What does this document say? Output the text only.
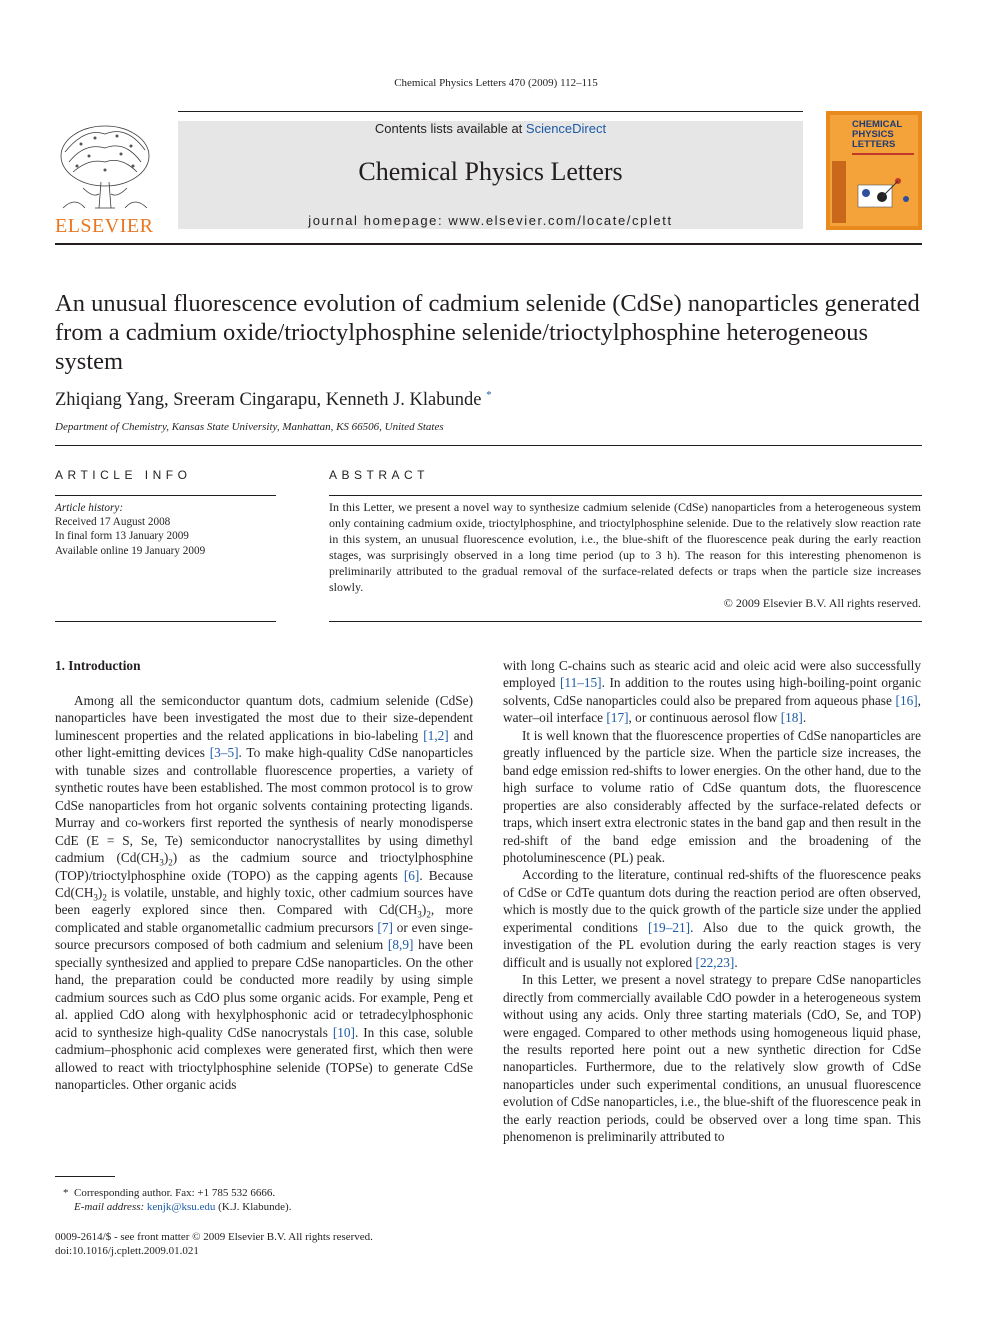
Chemical Physics Letters 470 (2009) 112–115
ELSEVIER
Contents lists available at ScienceDirect
Chemical Physics Letters
journal homepage: www.elsevier.com/locate/cplett
CHEMICAL
PHYSICS
LETTERS
An unusual fluorescence evolution of cadmium selenide (CdSe) nanoparticles generated from a cadmium oxide/trioctylphosphine selenide/trioctylphosphine heterogeneous system
Zhiqiang Yang, Sreeram Cingarapu, Kenneth J. Klabunde *
Department of Chemistry, Kansas State University, Manhattan, KS 66506, United States
ARTICLE INFO
Article history:
Received 17 August 2008
In final form 13 January 2009
Available online 19 January 2009
ABSTRACT
In this Letter, we present a novel way to synthesize cadmium selenide (CdSe) nanoparticles from a heterogeneous system only containing cadmium oxide, trioctylphosphine, and trioctylphosphine selenide. Due to the relatively slow reaction rate in this system, an unusual fluorescence evolution, i.e., the blue-shift of the fluorescence peak during the early reaction stages, was surprisingly observed in a long time period (up to 3 h). The reason for this interesting phenomenon is preliminarily attributed to the gradual removal of the surface-related defects or traps when the particle size increases slowly.
© 2009 Elsevier B.V. All rights reserved.
1. Introduction

Among all the semiconductor quantum dots, cadmium selenide (CdSe) nanoparticles have been investigated the most due to their size-dependent luminescent properties and the related applications in bio-labeling [1,2] and other light-emitting devices [3–5]. To make high-quality CdSe nanoparticles with tunable sizes and controllable fluorescence properties, a variety of synthetic routes have been established. The most common protocol is to grow CdSe nanoparticles from hot organic solvents containing protecting ligands. Murray and co-workers first reported the synthesis of nearly monodisperse CdE (E = S, Se, Te) semiconductor nanocrystallites by using dimethyl cadmium $(Cd(CH_3)_2)$ as the cadmium source and trioctylphosphine (TOP)/trioctylphosphine oxide (TOPO) as the capping agents [6]. Because $Cd(CH_3)_2$ is volatile, unstable, and highly toxic, other cadmium sources have been eagerly explored since then. Compared with $Cd(CH_3)_2$, more complicated and stable organometallic cadmium precursors [7] or even singe-source precursors composed of both cadmium and selenium [8,9] have been specially synthesized and applied to prepare CdSe nanoparticles. On the other hand, the preparation could be conducted more readily by using simple cadmium sources such as CdO plus some organic acids. For example, Peng et al. applied CdO along with hexylphosphonic acid or tetradecylphosphonic acid to synthesize high-quality CdSe nanocrystals [10]. In this case, soluble cadmium–phosphonic acid complexes were generated first, which then were allowed to react with trioctylphosphine selenide (TOPSe) to generate CdSe nanoparticles. Other organic acids

with long C-chains such as stearic acid and oleic acid were also successfully employed [11–15]. In addition to the routes using high-boiling-point organic solvents, CdSe nanoparticles could also be prepared from aqueous phase [16], water–oil interface [17], or continuous aerosol flow [18].

It is well known that the fluorescence properties of CdSe nanoparticles are greatly influenced by the particle size. When the particle size increases, the band edge emission red-shifts to lower energies. On the other hand, due to the high surface to volume ratio of CdSe quantum dots, the fluorescence properties are also considerably affected by the surface-related defects or traps, which insert extra electronic states in the band gap and then result in the red-shift of the band edge emission and the broadening of the photoluminescence (PL) peak.

According to the literature, continual red-shifts of the fluorescence peaks of CdSe or CdTe quantum dots during the reaction period are often observed, which is mostly due to the quick growth of the particle size under the applied experimental conditions [19–21]. Also due to the quick growth, the investigation of the PL evolution during the early reaction stages is very difficult and is usually not explored [22,23].

In this Letter, we present a novel strategy to prepare CdSe nanoparticles directly from commercially available CdO powder in a heterogeneous system without using any acids. Only three starting materials (CdO, Se, and TOP) were engaged. Compared to other methods using homogeneous liquid phase, the results reported here point out a new synthetic direction for CdSe nanoparticles. Furthermore, due to the relatively slow growth of CdSe nanoparticles under such experimental conditions, an unusual fluorescence evolution of CdSe nanoparticles, i.e., the blue-shift of the fluorescence peak in the early reaction periods, could be observed over a long time span. This phenomenon is preliminarily attributed to

* Corresponding author. Fax: +1 785 532 6666.
E-mail address: kenjk@ksu.edu (K.J. Klabunde).
0009-2614/$ - see front matter © 2009 Elsevier B.V. All rights reserved.
doi:10.1016/j.cplett.2009.01.021
